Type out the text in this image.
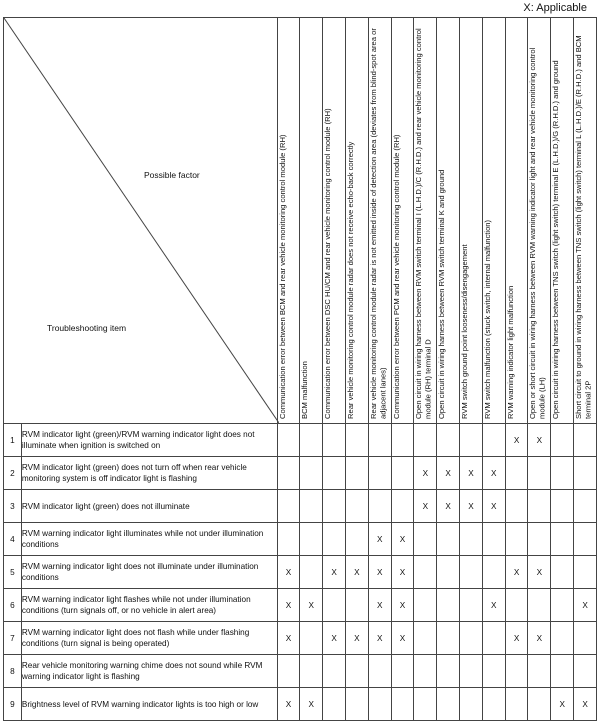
X: Applicable
Possible factor
Troubleshooting item		Communication error between BCM and rear vehicle monitoring control module (RH)	BCM malfunction	Communication error between DSC HU/CM and rear vehicle monitoring control module (RH)	Rear vehicle monitoring control module radar does not receive echo-back correctly	Rear vehicle monitoring control module radar is not emitted inside of detection area (deviates from blind-spot area or adjacent lanes)	Communication error between PCM and rear vehicle monitoring control module (RH)	Open circuit in wiring harness between RVM switch terminal I (L.H.D.)/C (R.H.D.) and rear vehicle monitoring control module (RH) terminal D	Open circuit in wiring harness between RVM switch terminal K and ground	RVM switch ground point looseness/disengagement	RVM switch malfunction (stuck switch, internal malfunction)	RVM warning indicator light malfunction	Open or short circuit in wiring harness between RVM warning indicator light and rear vehicle monitoring control module (LH)	Open circuit in wiring harness between TNS switch (light switch) terminal E (L.H.D.)/G (R.H.D.) and ground	Short circuit to ground in wiring harness between TNS switch (light switch) terminal L (L.H.D.)/E (R.H.D.) and BCM terminal 2P

1	RVM indicator light (green)/RVM warning indicator light does not illuminate when ignition is switched on											X	X		
2	RVM indicator light (green) does not turn off when rear vehicle monitoring system is off indicator light is flashing							X	X	X	X				
3	RVM indicator light (green) does not illuminate							X	X	X	X				
4	RVM warning indicator light illuminates while not under illumination conditions					X	X								
5	RVM warning indicator light does not illuminate under illumination conditions	X		X	X	X	X					X	X		
6	RVM warning indicator light flashes while not under illumination conditions (turn signals off, or no vehicle in alert area)	X	X			X	X				X				X
7	RVM warning indicator light does not flash while under flashing conditions (turn signal is being operated)	X		X	X	X	X					X	X		
8	Rear vehicle monitoring warning chime does not sound while RVM warning indicator light is flashing														
9	Brightness level of RVM warning indicator lights is too high or low	X	X											X	X
